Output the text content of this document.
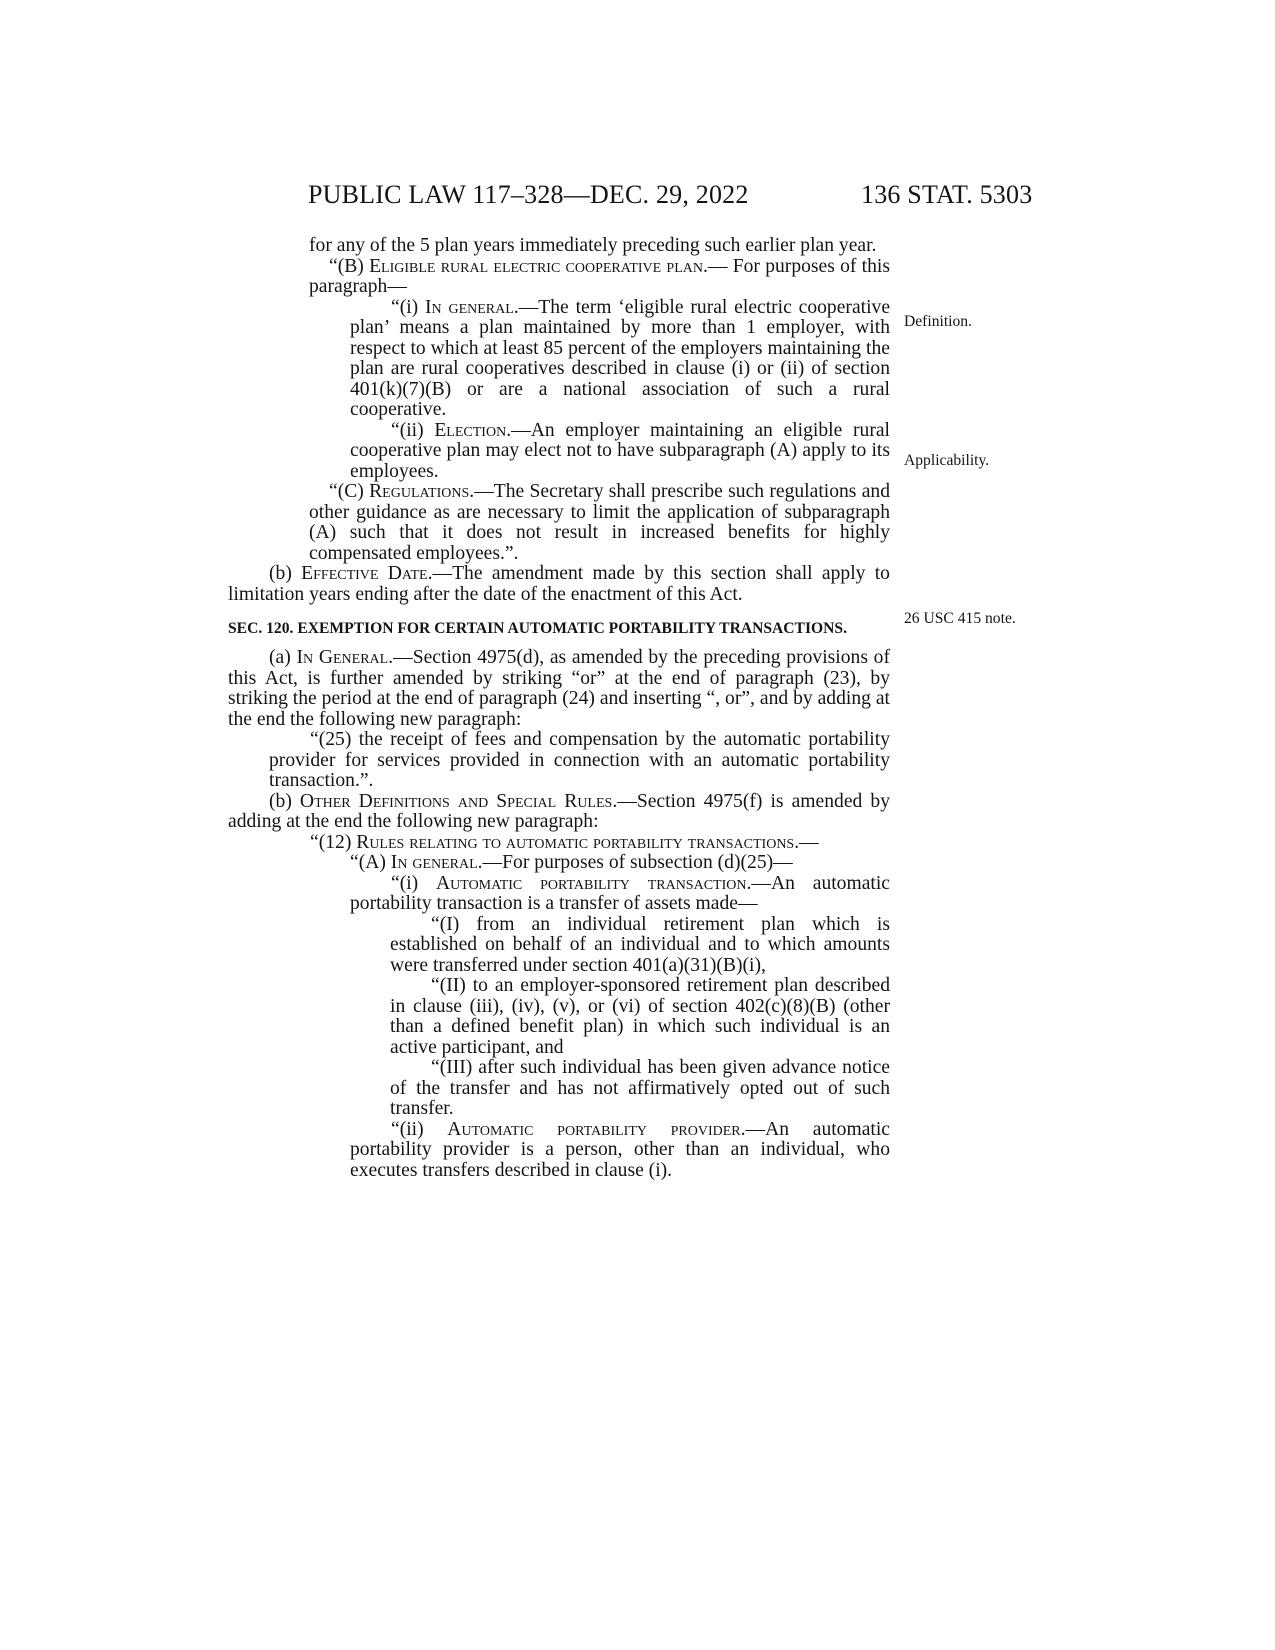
PUBLIC LAW 117–328—DEC. 29, 2022	136 STAT. 5303
Definition.
Applicability.
26 USC 415 note.

for any of the 5 plan years immediately preceding such earlier plan year.

“(B) Eligible rural electric cooperative plan.— For purposes of this paragraph—

“(i) In general.—The term ‘eligible rural electric cooperative plan’ means a plan maintained by more than 1 employer, with respect to which at least 85 percent of the employers maintaining the plan are rural cooperatives described in clause (i) or (ii) of section 401(k)(7)(B) or are a national association of such a rural cooperative.

“(ii) Election.—An employer maintaining an eligible rural cooperative plan may elect not to have subparagraph (A) apply to its employees.

“(C) Regulations.—The Secretary shall prescribe such regulations and other guidance as are necessary to limit the application of subparagraph (A) such that it does not result in increased benefits for highly compensated employees.”.

(b) Effective Date.—The amendment made by this section shall apply to limitation years ending after the date of the enactment of this Act.

SEC. 120. EXEMPTION FOR CERTAIN AUTOMATIC PORTABILITY TRANSACTIONS.

(a) In General.—Section 4975(d), as amended by the preceding provisions of this Act, is further amended by striking “or” at the end of paragraph (23), by striking the period at the end of paragraph (24) and inserting “, or”, and by adding at the end the following new paragraph:

“(25) the receipt of fees and compensation by the automatic portability provider for services provided in connection with an automatic portability transaction.”.

(b) Other Definitions and Special Rules.—Section 4975(f) is amended by adding at the end the following new paragraph:

“(12) Rules relating to automatic portability transactions.—

“(A) In general.—For purposes of subsection (d)(25)—

“(i) Automatic portability transaction.—An automatic portability transaction is a transfer of assets made—

“(I) from an individual retirement plan which is established on behalf of an individual and to which amounts were transferred under section 401(a)(31)(B)(i),

“(II) to an employer-sponsored retirement plan described in clause (iii), (iv), (v), or (vi) of section 402(c)(8)(B) (other than a defined benefit plan) in which such individual is an active participant, and

“(III) after such individual has been given advance notice of the transfer and has not affirmatively opted out of such transfer.

“(ii) Automatic portability provider.—An automatic portability provider is a person, other than an individual, who executes transfers described in clause (i).
